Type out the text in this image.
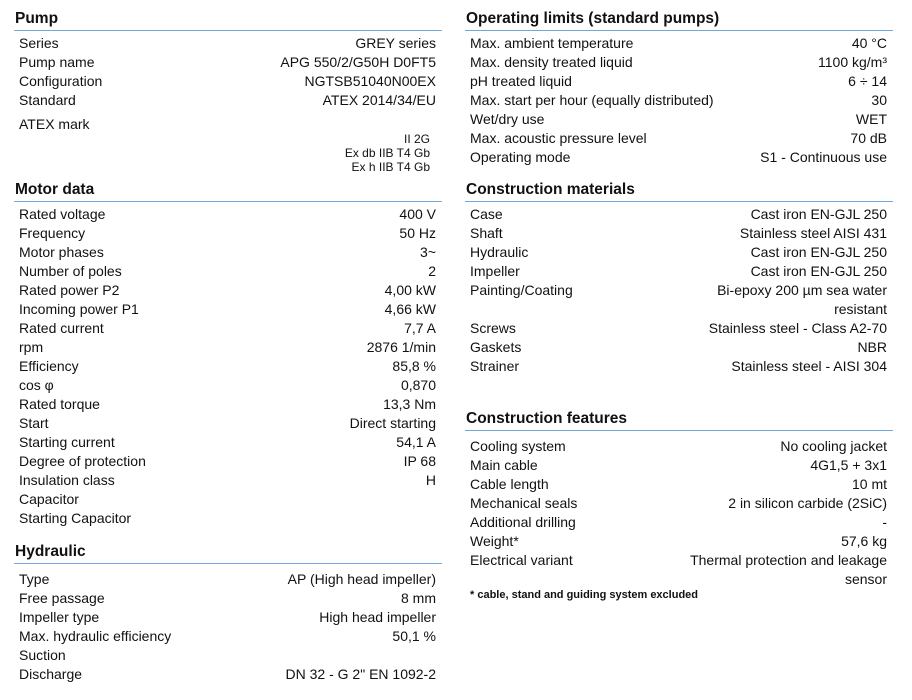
Pump
Series	GREY series
Pump name	APG 550/2/G50H D0FT5
Configuration	NGTSB51040N00EX
Standard	ATEX 2014/34/EU
ATEX mark
II 2G
Ex db IIB T4 Gb
Ex h IIB T4 Gb
Motor data
Rated voltage	400 V
Frequency	50 Hz
Motor phases	3~
Number of poles	2
Rated power P2	4,00 kW
Incoming power P1	4,66 kW
Rated current	7,7 A
rpm	2876 1/min
Efficiency	85,8 %
cos φ	0,870
Rated torque	13,3 Nm
Start	Direct starting
Starting current	54,1 A
Degree of protection	IP 68
Insulation class	H
Capacitor
Starting Capacitor
Hydraulic
Type	AP (High head impeller)
Free passage	8 mm
Impeller type	High head impeller
Max. hydraulic efficiency	50,1 %
Suction
Discharge	DN 32 - G 2" EN 1092-2
Operating limits (standard pumps)
Max. ambient temperature	40 °C
Max. density treated liquid	1100 kg/m³
pH treated liquid	6 ÷ 14
Max. start per hour (equally distributed)	30
Wet/dry use	WET
Max. acoustic pressure level	70 dB
Operating mode	S1 - Continuous use
Construction materials
Case	Cast iron EN-GJL 250
Shaft	Stainless steel AISI 431
Hydraulic	Cast iron EN-GJL 250
Impeller	Cast iron EN-GJL 250
Painting/Coating	Bi-epoxy 200 µm sea water
resistant
Screws	Stainless steel - Class A2-70
Gaskets	NBR
Strainer	Stainless steel - AISI 304
Construction features
Cooling system	No cooling jacket
Main cable	4G1,5 + 3x1
Cable length	10 mt
Mechanical seals	2 in silicon carbide (2SiC)
Additional drilling	-
Weight*	57,6 kg
Electrical variant	Thermal protection and leakage
sensor
* cable, stand and guiding system excluded
